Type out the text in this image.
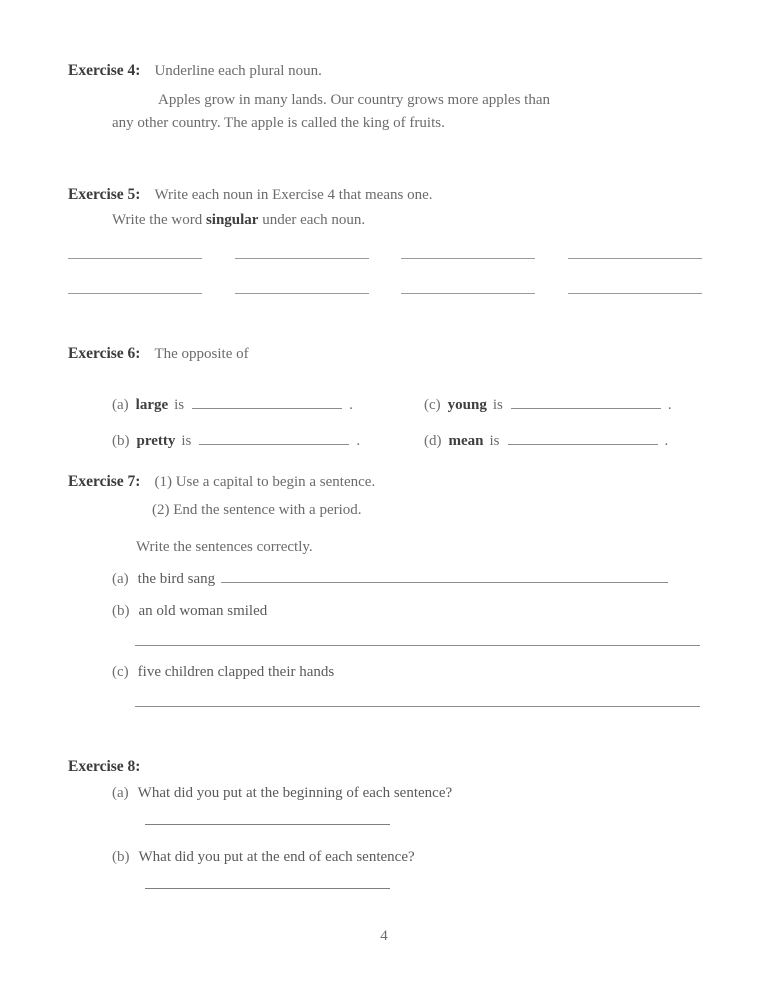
Exercise 4: Underline each plural noun.
Apples grow in many lands. Our country grows more apples than
any other country. The apple is called the king of fruits.
Exercise 5: Write each noun in Exercise 4 that means one.
Write the word singular under each noun.
Exercise 6: The opposite of
(a) large is	.
(b) pretty is	.
(c) young is	.
(d) mean is	.
Exercise 7: (1) Use a capital to begin a sentence.
(2) End the sentence with a period.
Write the sentences correctly.
(a) the bird sang
(b) an old woman smiled
(c) five children clapped their hands
Exercise 8:
(a) What did you put at the beginning of each sentence?
(b) What did you put at the end of each sentence?
4
